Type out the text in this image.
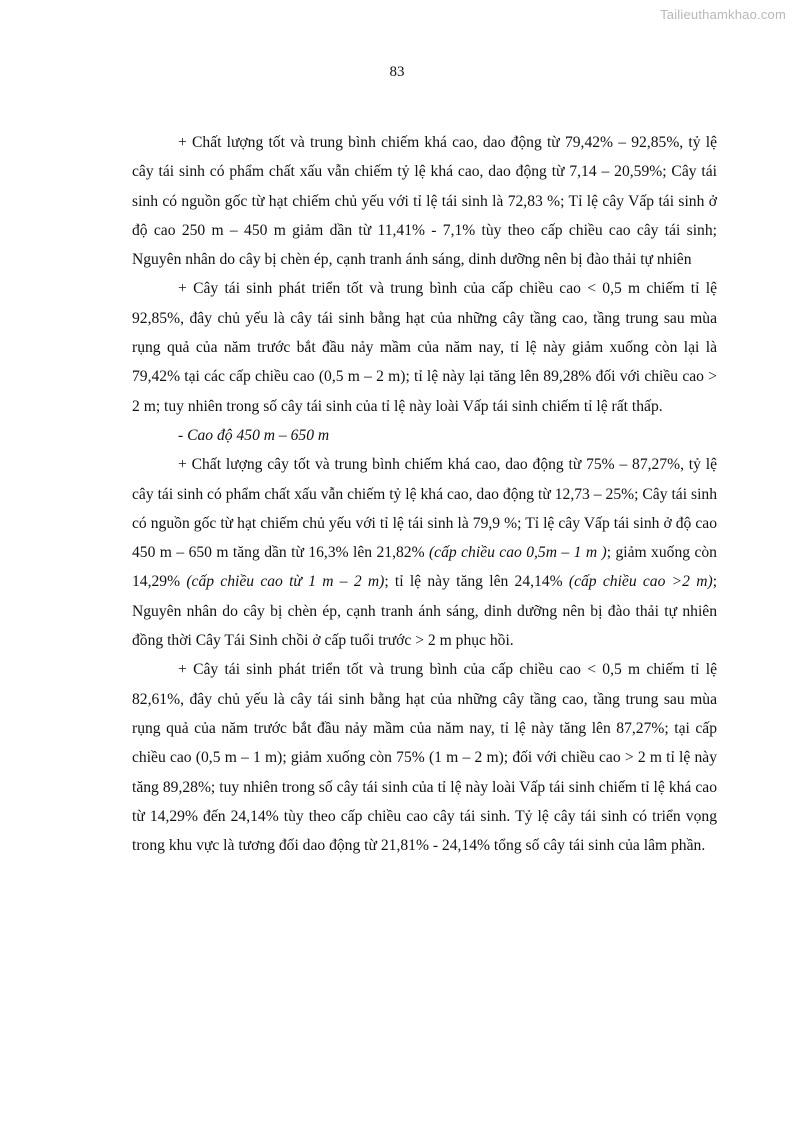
Tailieuthamkhao.com
83

+ Chất lượng tốt và trung bình chiếm khá cao, dao động từ 79,42% – 92,85%, tỷ lệ cây tái sinh có phẩm chất xấu vẫn chiếm tỷ lệ khá cao, dao động từ 7,14 – 20,59%; Cây tái sinh có nguồn gốc từ hạt chiếm chủ yếu với tỉ lệ tái sinh là 72,83 %; Tỉ lệ cây Vấp tái sinh ở độ cao 250 m – 450 m giảm dần từ 11,41% - 7,1% tùy theo cấp chiều cao cây tái sinh; Nguyên nhân do cây bị chèn ép, cạnh tranh ánh sáng, dinh dưỡng nên bị đào thải tự nhiên

+ Cây tái sinh phát triển tốt và trung bình của cấp chiều cao < 0,5 m chiếm tỉ lệ 92,85%, đây chủ yếu là cây tái sinh bằng hạt của những cây tầng cao, tầng trung sau mùa rụng quả của năm trước bắt đầu nảy mầm của năm nay, tỉ lệ này giảm xuống còn lại là 79,42% tại các cấp chiều cao (0,5 m – 2 m); tỉ lệ này lại tăng lên 89,28% đối với chiều cao > 2 m; tuy nhiên trong số cây tái sinh của tỉ lệ này loài Vấp tái sinh chiếm tỉ lệ rất thấp.

- Cao độ 450 m – 650 m

+ Chất lượng cây tốt và trung bình chiếm khá cao, dao động từ 75% – 87,27%, tỷ lệ cây tái sinh có phẩm chất xấu vẫn chiếm tỷ lệ khá cao, dao động từ 12,73 – 25%; Cây tái sinh có nguồn gốc từ hạt chiếm chủ yếu với tỉ lệ tái sinh là 79,9 %; Tỉ lệ cây Vấp tái sinh ở độ cao 450 m – 650 m tăng dần từ 16,3% lên 21,82% (cấp chiều cao 0,5m – 1 m ); giảm xuống còn 14,29% (cấp chiều cao từ 1 m – 2 m); tỉ lệ này tăng lên 24,14% (cấp chiều cao >2 m); Nguyên nhân do cây bị chèn ép, cạnh tranh ánh sáng, dinh dưỡng nên bị đào thải tự nhiên đồng thời Cây Tái Sinh chồi ở cấp tuổi trước > 2 m phục hồi.

+ Cây tái sinh phát triển tốt và trung bình của cấp chiều cao < 0,5 m chiếm tỉ lệ 82,61%, đây chủ yếu là cây tái sinh bằng hạt của những cây tầng cao, tầng trung sau mùa rụng quả của năm trước bắt đầu nảy mầm của năm nay, tỉ lệ này tăng lên 87,27%; tại cấp chiều cao (0,5 m – 1 m); giảm xuống còn 75% (1 m – 2 m); đối với chiều cao > 2 m tỉ lệ này tăng 89,28%; tuy nhiên trong số cây tái sinh của tỉ lệ này loài Vấp tái sinh chiếm tỉ lệ khá cao từ 14,29% đến 24,14% tùy theo cấp chiều cao cây tái sinh. Tỷ lệ cây tái sinh có triển vọng trong khu vực là tương đối dao động từ 21,81% - 24,14% tổng số cây tái sinh của lâm phần.
